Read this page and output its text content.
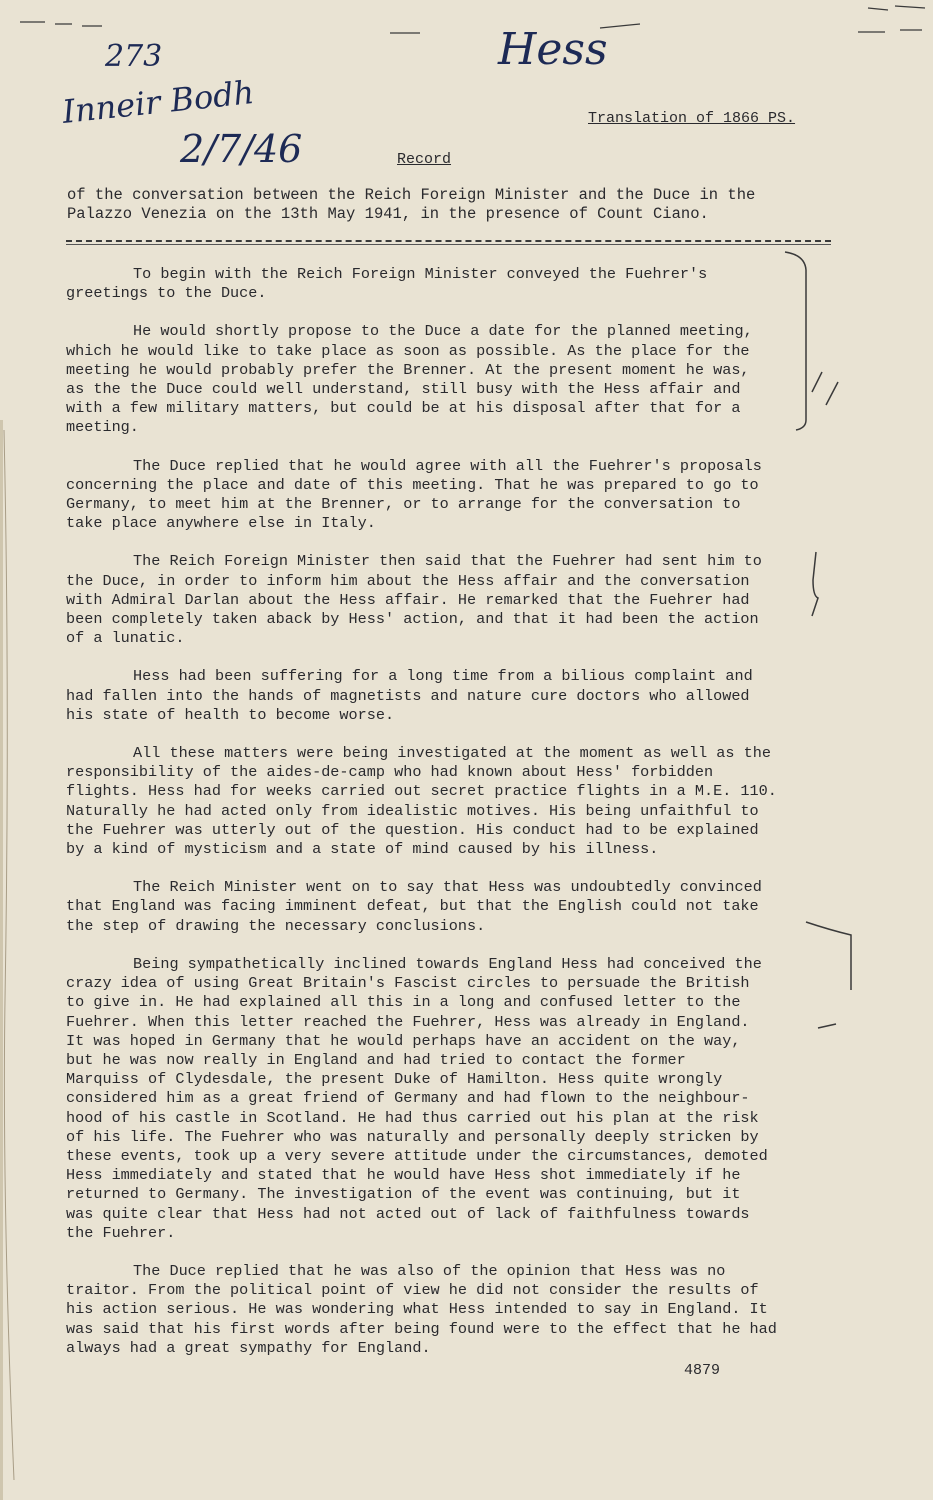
273	Hess
Inneir Bodh
2/7/46
Translation of 1866 PS.
Record
of the conversation between the Reich Foreign Minister and the Duce in the
Palazzo Venezia on the 13th May 1941, in the presence of Count Ciano.
To begin with the Reich Foreign Minister conveyed the Fuehrer's
greetings to the Duce.
He would shortly propose to the Duce a date for the planned meeting,
which he would like to take place as soon as possible. As the place for the
meeting he would probably prefer the Brenner. At the present moment he was,
as the the Duce could well understand, still busy with the Hess affair and
with a few military matters, but could be at his disposal after that for a
meeting.
The Duce replied that he would agree with all the Fuehrer's proposals
concerning the place and date of this meeting. That he was prepared to go to
Germany, to meet him at the Brenner, or to arrange for the conversation to
take place anywhere else in Italy.
The Reich Foreign Minister then said that the Fuehrer had sent him to
the Duce, in order to inform him about the Hess affair and the conversation
with Admiral Darlan about the Hess affair. He remarked that the Fuehrer had
been completely taken aback by Hess' action, and that it had been the action
of a lunatic.
Hess had been suffering for a long time from a bilious complaint and
had fallen into the hands of magnetists and nature cure doctors who allowed
his state of health to become worse.
All these matters were being investigated at the moment as well as the
responsibility of the aides-de-camp who had known about Hess' forbidden
flights. Hess had for weeks carried out secret practice flights in a M.E. 110.
Naturally he had acted only from idealistic motives. His being unfaithful to
the Fuehrer was utterly out of the question. His conduct had to be explained
by a kind of mysticism and a state of mind caused by his illness.
The Reich Minister went on to say that Hess was undoubtedly convinced
that England was facing imminent defeat, but that the English could not take
the step of drawing the necessary conclusions.
Being sympathetically inclined towards England Hess had conceived the
crazy idea of using Great Britain's Fascist circles to persuade the British
to give in. He had explained all this in a long and confused letter to the
Fuehrer. When this letter reached the Fuehrer, Hess was already in England.
It was hoped in Germany that he would perhaps have an accident on the way,
but he was now really in England and had tried to contact the former
Marquiss of Clydesdale, the present Duke of Hamilton. Hess quite wrongly
considered him as a great friend of Germany and had flown to the neighbour-
hood of his castle in Scotland. He had thus carried out his plan at the risk
of his life. The Fuehrer who was naturally and personally deeply stricken by
these events, took up a very severe attitude under the circumstances, demoted
Hess immediately and stated that he would have Hess shot immediately if he
returned to Germany. The investigation of the event was continuing, but it
was quite clear that Hess had not acted out of lack of faithfulness towards
the Fuehrer.
The Duce replied that he was also of the opinion that Hess was no
traitor. From the political point of view he did not consider the results of
his action serious. He was wondering what Hess intended to say in England. It
was said that his first words after being found were to the effect that he had
always had a great sympathy for England.
4879
